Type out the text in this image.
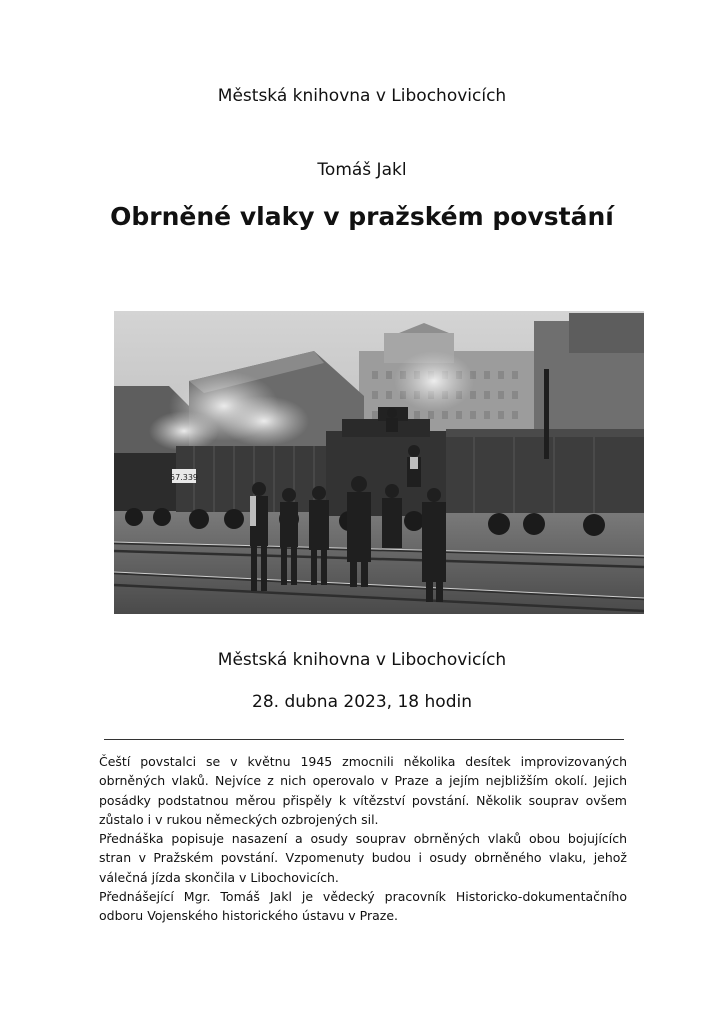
Městská knihovna v Libochovicích
Tomáš Jakl
Obrněné vlaky v pražském povstání
57.339
Městská knihovna v Libochovicích
28. dubna 2023, 18 hodin

Čeští povstalci se v květnu 1945 zmocnili několika desítek improvizovaných obrněných vlaků. Nejvíce z nich operovalo v Praze a jejím nejbližším okolí. Jejich posádky podstatnou měrou přispěly k vítězství povstání. Několik souprav ovšem zůstalo i v rukou německých ozbrojených sil.

Přednáška popisuje nasazení a osudy souprav obrněných vlaků obou bojujících stran v Pražském povstání. Vzpomenuty budou i osudy obrněného vlaku, jehož válečná jízda skončila v Libochovicích.

Přednášející Mgr. Tomáš Jakl je vědecký pracovník Historicko-dokumentačního odboru Vojenského historického ústavu v Praze.
